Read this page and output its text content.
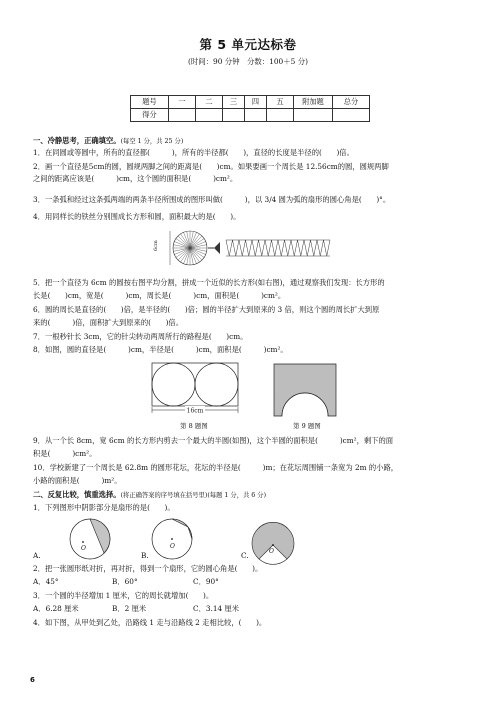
第 5 单元达标卷
(时间：90 分钟　分数：100＋5 分)
题号	一	二	三	四	五	附加题	总分
得分							
一、冷静思考，正确填空。(每空 1 分，共 25 分)
1．在同圆或等圆中，所有的直径都(　　　)，所有的半径都(　　)，直径的长度是半径的(　　)倍。
2．画一个直径是5cm的圆，圆规两脚之间的距离是(　　)cm。如果要画一个周长是 12.56cm的圆，圆规两脚
之间的距离应该是(　　　)cm，这个圆的面积是(　　　)cm²。
3．一条弧和经过这条弧两端的两条半径所围成的图形叫做(　　　)，以 3/4 圆为弧的扇形的圆心角是(　　)°。
4．用同样长的铁丝分别围成长方形和圆，面积最大的是(　　)。
6cm
5．把一个直径为 6cm 的圆按右图平均分割，拼成一个近似的长方形(如右图)，通过观察我们发现：长方形的
长是(　　)cm，宽是(　　　)cm，周长是(　　　)cm，面积是(　　　)cm²。
6．圆的周长是直径的(　　)倍，是半径的(　　)倍；圆的半径扩大到原来的 3 倍，则这个圆的周长扩大到原
来的(　　　)倍，面积扩大到原来的(　　)倍。
7．一根秒针长 3cm，它的针尖转动两周所行的路程是(　　)cm。
8．如图，圆的直径是(　　　)cm，半径是(　　　)cm，面积是(　　　)cm²。
16cm
第 8 题图	第 9 题图
9．从一个长 8cm，宽 6cm 的长方形内剪去一个最大的半圆(如图)，这个半圆的面积是(　　　)cm²，剩下的面
积是(　　　)cm²。
10．学校新建了一个周长是 62.8m 的圆形花坛，花坛的半径是(　　　)m；在花坛周围铺一条宽为 2m 的小路，
小路的面积是(　　　)m²。
二、反复比较，慎重选择。(将正确答案的序号填在括号里)(每题 1 分，共 6 分)
1．下列图形中阴影部分是扇形的是(　　)。
O	O
O
A.	B.	C.
2．把一张圆形纸对折，再对折，得到一个扇形，它的圆心角是(　　)。
A．45°	B．60°	C．90°
3．一个圆的半径增加 1 厘米，它的周长就增加(　　)。
A．6.28 厘米	B．2 厘米	C．3.14 厘米
4．如下图，从甲处到乙处，沿路线 1 走与沿路线 2 走相比较，(　　)。
6
